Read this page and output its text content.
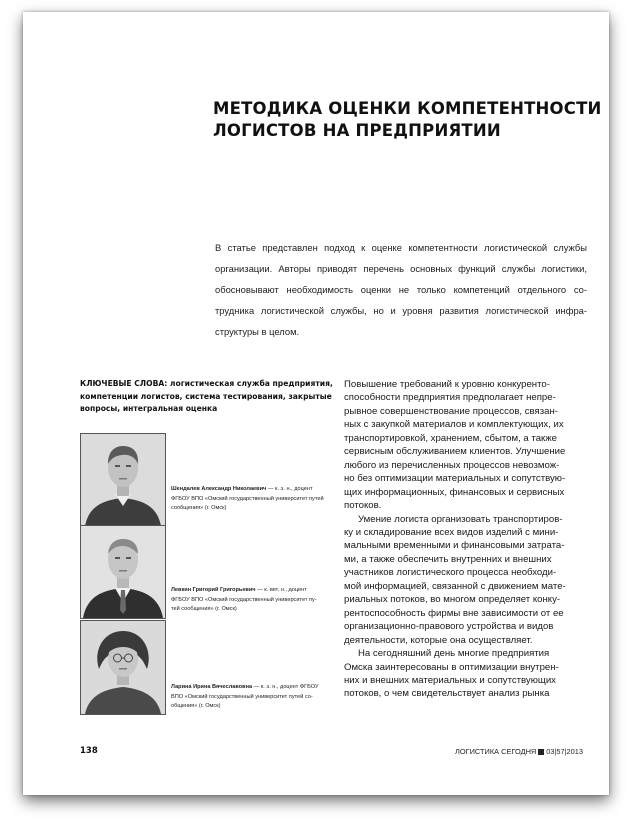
МЕТОДИКА ОЦЕНКИ КОМПЕТЕНТНОСТИ
ЛОГИСТОВ НА ПРЕДПРИЯТИИ
В статье представлен подход к оценке компетентности логистической службы
организации. Авторы приводят перечень основных функций службы логистики,
обосновывают необходимость оценки не только компетенций отдельного со-
трудника логистической службы, но и уровня развития логистической инфра-
структуры в целом.
КЛЮЧЕВЫЕ СЛОВА: логистическая служба предприятия,
компетенции логистов, система тестирования, закрытые
вопросы, интегральная оценка
Шендалев Александр Николаевич — к. э. н., доцент
ФГБОУ ВПО «Омский государственный университет путей
сообщения» (г. Омск)
Левкин Григорий Григорьевич — к. вет. н., доцент
ФГБОУ ВПО «Омский государственный университет пу-
тей сообщения» (г. Омск)
Ларина Ирина Вячеславовна — к. э. н., доцент ФГБОУ
ВПО «Омский государственный университет путей со-
общения» (г. Омск)
Повышение требований к уровню конкуренто-
способности предприятия предполагает непре-
рывное совершенствование процессов, связан-
ных с закупкой материалов и комплектующих, их
транспортировкой, хранением, сбытом, а также
сервисным обслуживанием клиентов. Улучшение
любого из перечисленных процессов невозмож-
но без оптимизации материальных и сопутствую-
щих информационных, финансовых и сервисных
потоков.
Умение логиста организовать транспортиров-
ку и складирование всех видов изделий с мини-
мальными временными и финансовыми затрата-
ми, а также обеспечить внутренних и внешних
участников логистического процесса необходи-
мой информацией, связанной с движением мате-
риальных потоков, во многом определяет конку-
рентоспособность фирмы вне зависимости от ее
организационно-правового устройства и видов
деятельности, которые она осуществляет.
На сегодняшний день многие предприятия
Омска заинтересованы в оптимизации внутрен-
них и внешних материальных и сопутствующих
потоков, о чем свидетельствует анализ рынка
138	ЛОГИСТИКА СЕГОДНЯ 03|57|2013
